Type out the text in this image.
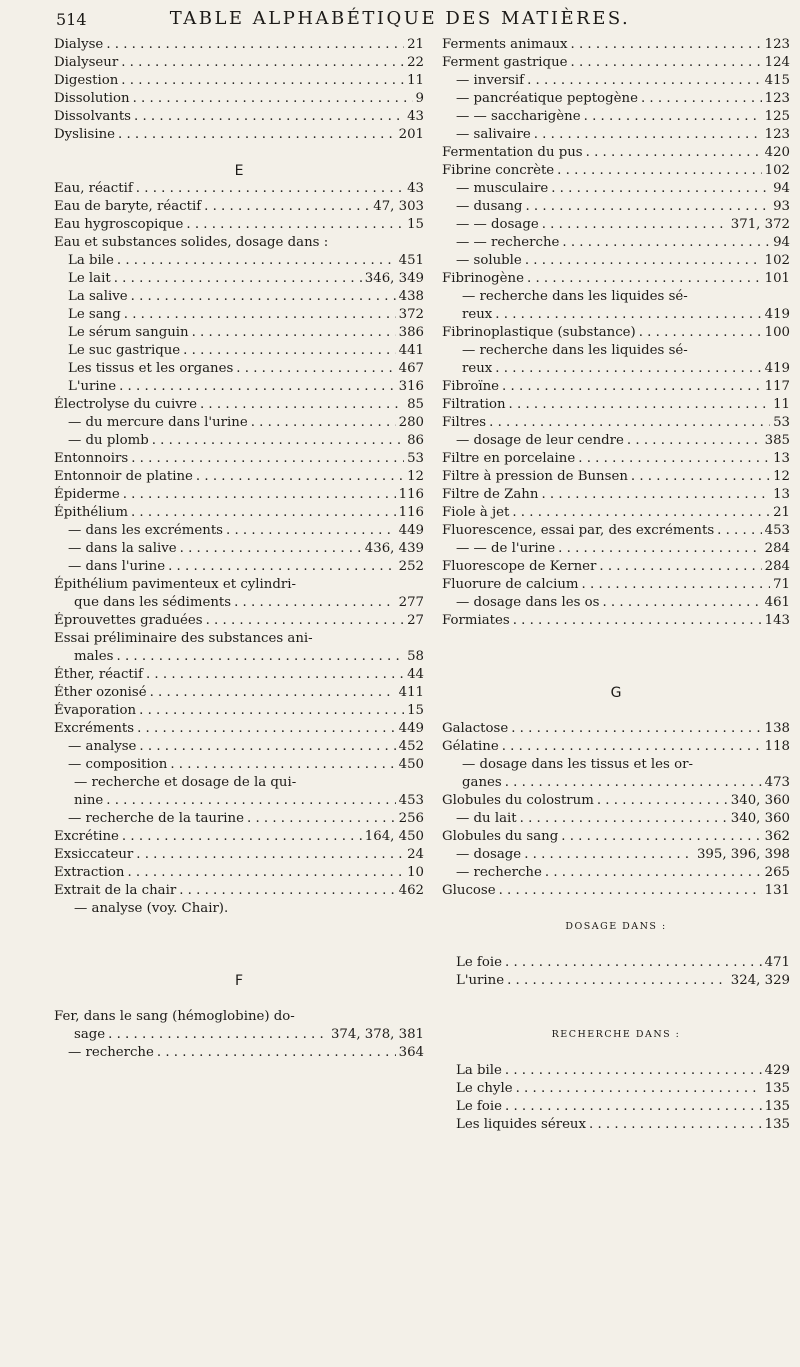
514	TABLE ALPHABÉTIQUE DES MATIÈRES.
Dialyse . . .	21
Dialyseur . . .	22
Digestion . . .	11
Dissolution . . .	9
Dissolvants . . .	43
Dyslisine . . .	201
E
Eau, réactif . . .	43
Eau de baryte, réactif . . .	47, 303
Eau hygroscopique . . .	15
Eau et substances solides, dosage dans :
La bile . . .	451
Le lait . . .	346, 349
La salive . . .	438
Le sang . . .	372
Le sérum sanguin . . .	386
Le suc gastrique . . .	441
Les tissus et les organes . . .	467
L'urine . . .	316
Électrolyse du cuivre . . .	85
— du mercure dans l'urine . . .	280
— du plomb . . .	86
Entonnoirs . . .	53
Entonnoir de platine . . .	12
Épiderme . . .	116
Épithélium . . .	116
— dans les excréments . . .	449
— dans la salive . . .	436, 439
— dans l'urine . . .	252
Épithélium pavimenteux et cylindri-
que dans les sédiments . . .	277
Éprouvettes graduées . . .	27
Essai préliminaire des substances ani-
males . . .	58
Éther, réactif . . .	44
Éther ozonisé . . .	411
Évaporation . . .	15
Excréments . . .	449
— analyse . . .	452
— composition . . .	450
— recherche et dosage de la qui-
nine . . .	453
— recherche de la taurine . . .	256
Excrétine . . .	164, 450
Exsiccateur . . .	24
Extraction . . .	10
Extrait de la chair . . .	462
— analyse (voy. Chair).
F
Fer, dans le sang (hémoglobine) do-
sage . . .	374, 378, 381
— recherche . . .	364
Ferments animaux . . .	123
Ferment gastrique . . .	124
— inversif . . .	415
— pancréatique peptogène . . .	123
— — saccharigène . . .	125
— salivaire . . .	123
Fermentation du pus . . .	420
Fibrine concrète . . .	102
— musculaire . . .	94
— dusang . . .	93
— — dosage . . .	371, 372
— — recherche . . .	94
— soluble . . .	102
Fibrinogène . . .	101
— recherche dans les liquides sé-
reux . . .	419
Fibrinoplastique (substance) . . .	100
— recherche dans les liquides sé-
reux . . .	419
Fibroïne . . .	117
Filtration . . .	11
Filtres . . .	53
— dosage de leur cendre . . .	385
Filtre en porcelaine . . .	13
Filtre à pression de Bunsen . . .	12
Filtre de Zahn . . .	13
Fiole à jet . . .	21
Fluorescence, essai par, des excréments . . .	453
— — de l'urine . . .	284
Fluorescope de Kerner . . .	284
Fluorure de calcium . . .	71
— dosage dans les os . . .	461
Formiates . . .	143
G
Galactose . . .	138
Gélatine . . .	118
— dosage dans les tissus et les or-
ganes . . .	473
Globules du colostrum . . .	340, 360
— du lait . . .	340, 360
Globules du sang . . .	362
— dosage . . .	395, 396, 398
— recherche . . .	265
Glucose . . .	131
DOSAGE DANS :
Le foie . . .	471
L'urine . . .	324, 329
RECHERCHE DANS :
La bile . . .	429
Le chyle . . .	135
Le foie . . .	135
Les liquides séreux . . .	135
